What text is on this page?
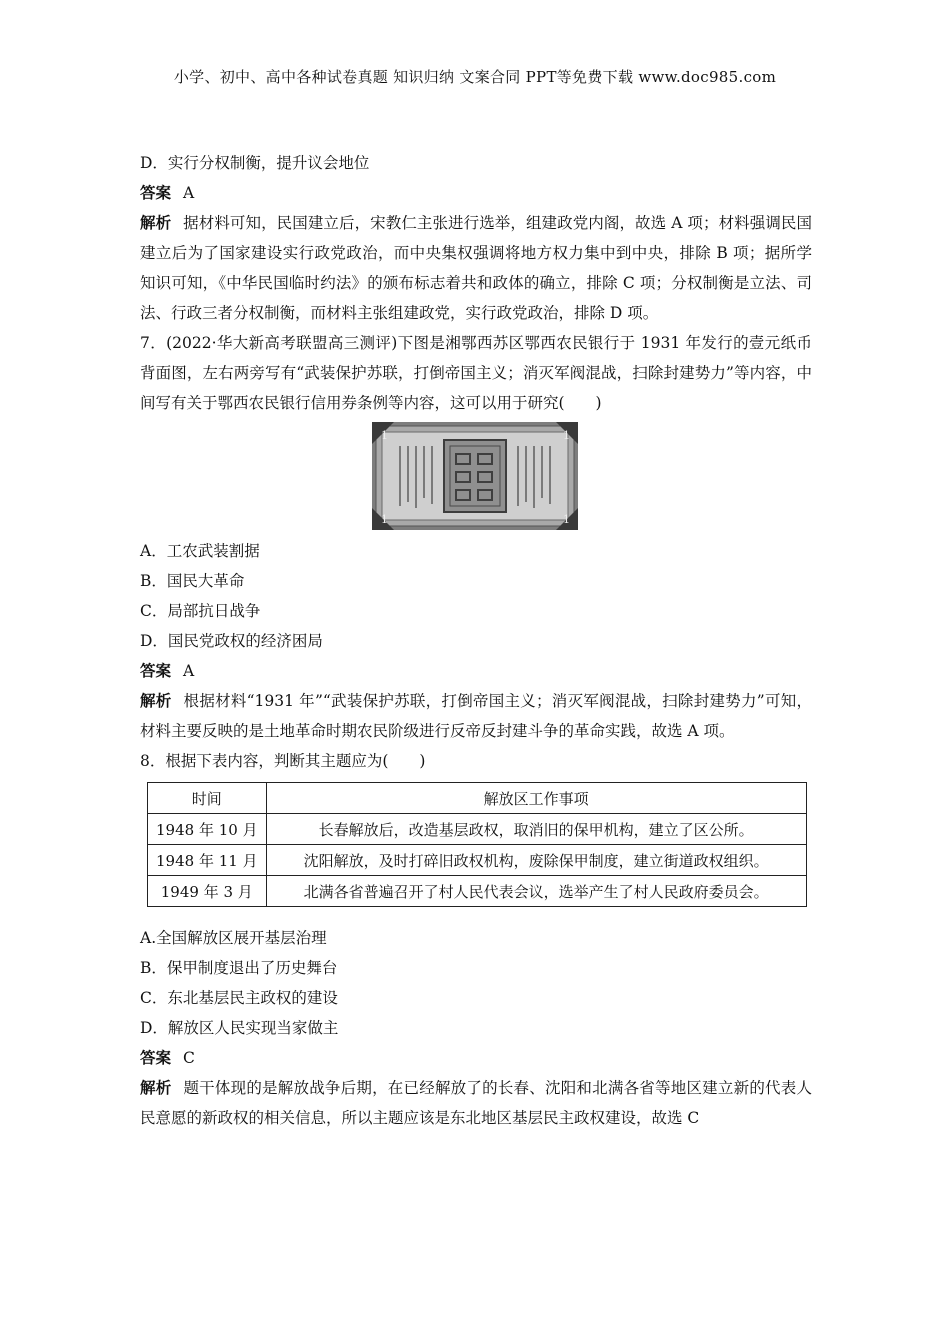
小学、初中、高中各种试卷真题 知识归纳 文案合同 PPT等免费下载 www.doc985.com
D．实行分权制衡，提升议会地位
答案 A

解析 据材料可知，民国建立后，宋教仁主张进行选举，组建政党内阁，故选 A 项；材料强调民国建立后为了国家建设实行政党政治，而中央集权强调将地方权力集中到中央，排除 B 项；据所学知识可知，《中华民国临时约法》的颁布标志着共和政体的确立，排除 C 项；分权制衡是立法、司法、行政三者分权制衡，而材料主张组建政党，实行政党政治，排除 D 项。

7．(2022·华大新高考联盟高三测评)下图是湘鄂西苏区鄂西农民银行于 1931 年发行的壹元纸币背面图，左右两旁写有“武装保护苏联，打倒帝国主义；消灭军阀混战，扫除封建势力”等内容，中间写有关于鄂西农民银行信用券条例等内容，这可以用于研究(　　)

1	1
1	1
A．工农武装割据
B．国民大革命
C．局部抗日战争
D．国民党政权的经济困局
答案 A

解析 根据材料“1931 年”“武装保护苏联，打倒帝国主义；消灭军阀混战，扫除封建势力”可知，材料主要反映的是土地革命时期农民阶级进行反帝反封建斗争的革命实践，故选 A 项。

8．根据下表内容，判断其主题应为(　　)
时间	解放区工作事项
1948 年 10 月	长春解放后，改造基层政权，取消旧的保甲机构，建立了区公所。
1948 年 11 月	沈阳解放，及时打碎旧政权机构，废除保甲制度，建立街道政权组织。
1949 年 3 月	北满各省普遍召开了村人民代表会议，选举产生了村人民政府委员会。
A.全国解放区展开基层治理
B．保甲制度退出了历史舞台
C．东北基层民主政权的建设
D．解放区人民实现当家做主
答案 C

解析 题干体现的是解放战争后期，在已经解放了的长春、沈阳和北满各省等地区建立新的代表人民意愿的新政权的相关信息，所以主题应该是东北地区基层民主政权建设，故选 C
